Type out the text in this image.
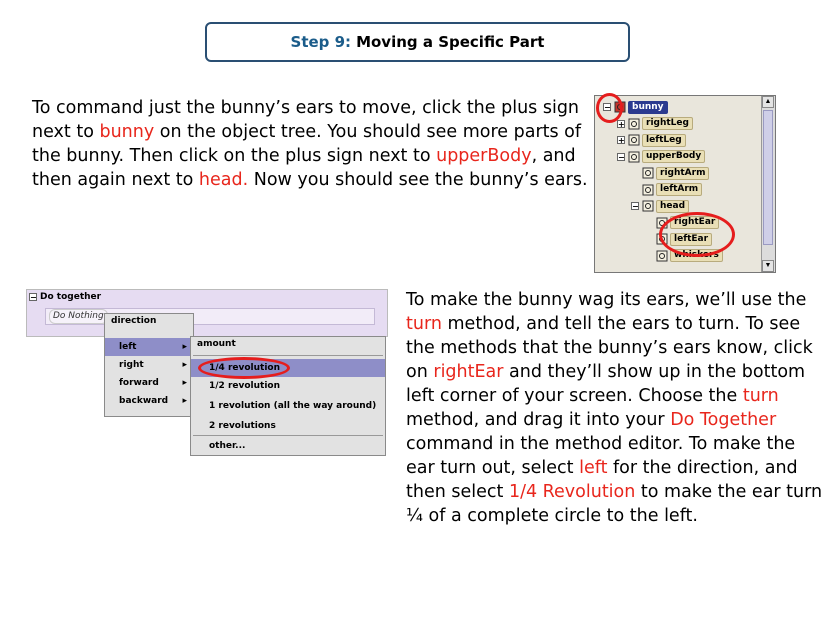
Step 9: Moving a Specific Part
To command just the bunny’s ears to move, click the plus sign next to bunny on the object tree. You should see more parts of the bunny. Then click on the plus sign next to upperBody, and then again next to head. Now you should see the bunny’s ears.
−	bunny
+	rightLeg
+	leftLeg
−	upperBody
rightArm
leftArm
−	head
rightEar
leftEar
whiskers
▲
▼
− Do together
Do Nothing direction
left	▸
right	▸
forward	▸
backward ▸
amount
1/4 revolution
1/2 revolution
1 revolution (all the way around)
2 revolutions
other...
To make the bunny wag its ears, we’ll use the turn method, and tell the ears to turn. To see the methods that the bunny’s ears know, click on rightEar and they’ll show up in the bottom left corner of your screen. Choose the turn method, and drag it into your Do Together command in the method editor. To make the ear turn out, select left for the direction, and then select 1/4 Revolution to make the ear turn ¼ of a complete circle to the left.
